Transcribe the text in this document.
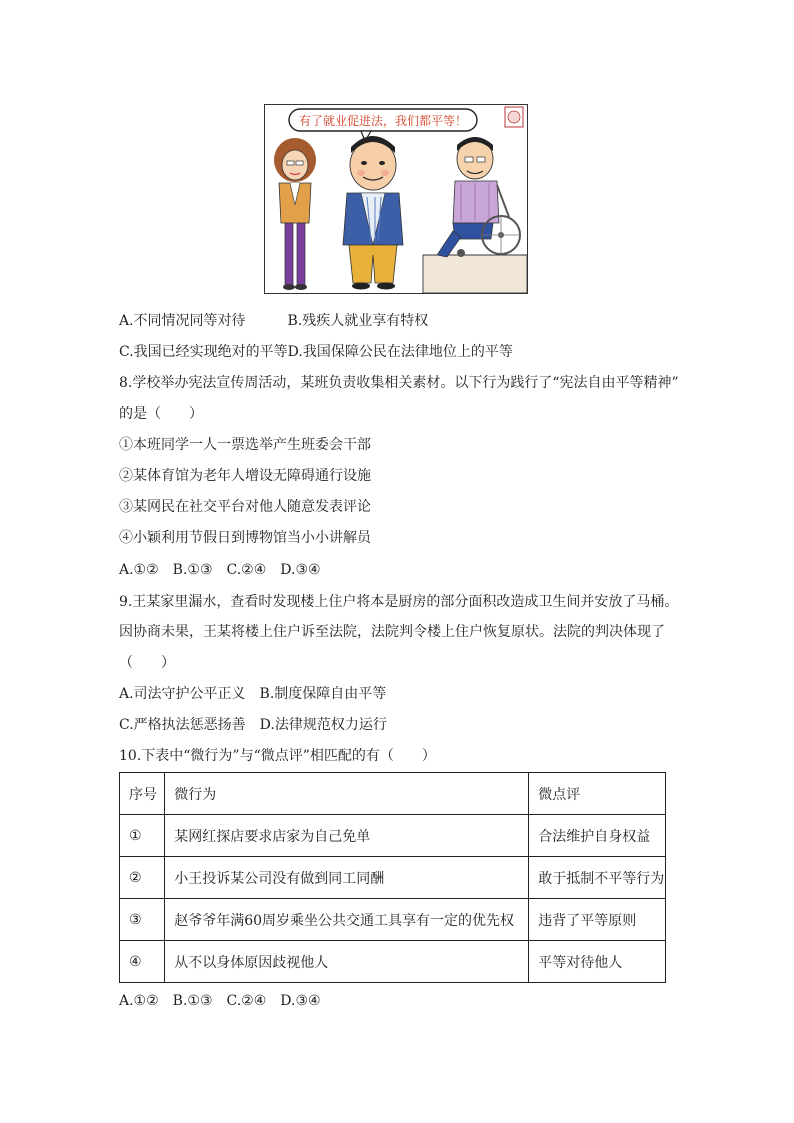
有了就业促进法，我们都平等！
A.不同情况同等对待　　　B.残疾人就业享有特权
C.我国已经实现绝对的平等D.我国保障公民在法律地位上的平等
8.学校举办宪法宣传周活动，某班负责收集相关素材。以下行为践行了“宪法自由平等精神”
的是（　　）
①本班同学一人一票选举产生班委会干部
②某体育馆为老年人增设无障碍通行设施
③某网民在社交平台对他人随意发表评论
④小颖利用节假日到博物馆当小小讲解员
A.①②　B.①③　C.②④　D.③④
9.王某家里漏水，查看时发现楼上住户将本是厨房的部分面积改造成卫生间并安放了马桶。
因协商未果，王某将楼上住户诉至法院，法院判令楼上住户恢复原状。法院的判决体现了
（　　）
A.司法守护公平正义　B.制度保障自由平等
C.严格执法惩恶扬善　D.法律规范权力运行
10.下表中“微行为”与“微点评”相匹配的有（　　）
序号	微行为	微点评
①	某网红探店要求店家为自己免单	合法维护自身权益
②	小王投诉某公司没有做到同工同酬	敢于抵制不平等行为
③	赵爷爷年满60周岁乘坐公共交通工具享有一定的优先权	违背了平等原则
④	从不以身体原因歧视他人	平等对待他人
A.①②　B.①③　C.②④　D.③④
